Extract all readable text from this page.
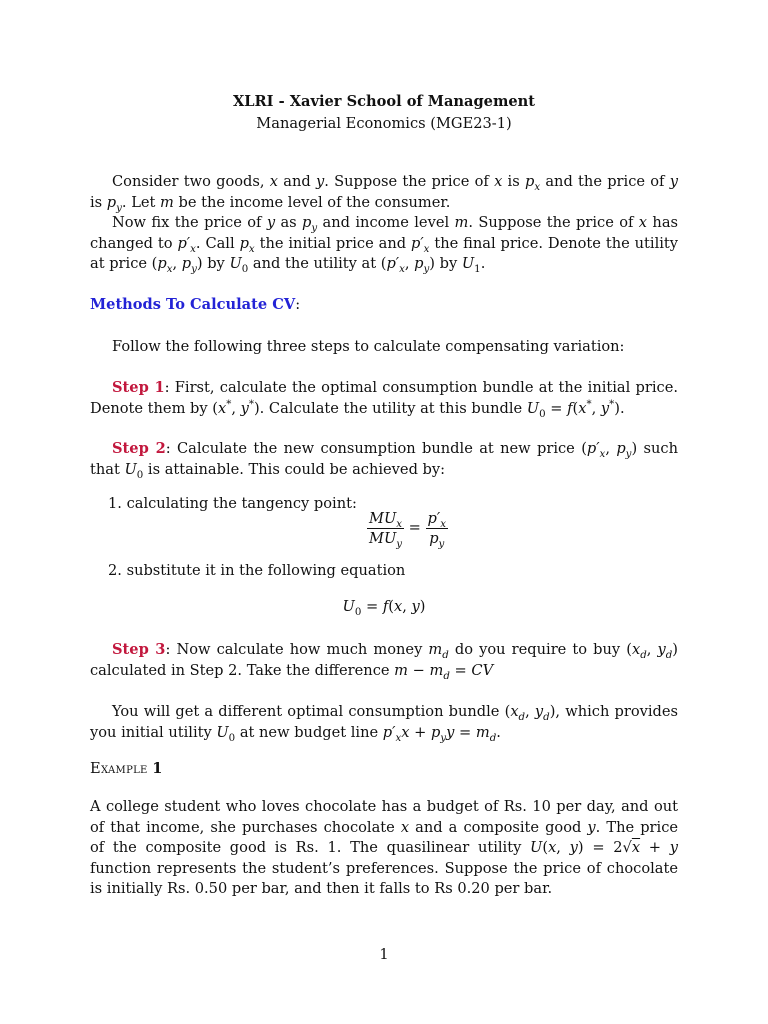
XLRI - Xavier School of Management
Managerial Economics (MGE23-1)
Consider two goods, x and y. Suppose the price of x is $p_x$ and the price of y is $p_y$. Let m be the income level of the consumer.
Now fix the price of y as $p_y$ and income level m. Suppose the price of x has changed to $p'_x$. Call $p_x$ the initial price and $p'_x$ the final price. Denote the utility at price ($p_x$, $p_y$) by $U_0$ and the utility at ($p'_x$, $p_y$) by $U_1$.
Methods To Calculate CV:
Follow the following three steps to calculate compensating variation:
Step 1: First, calculate the optimal consumption bundle at the initial price. Denote them by (x*, y*). Calculate the utility at this bundle $U_0 = f(x^*$, y*).
Step 2: Calculate the new consumption bundle at new price ($p'_x$, $p_y$) such that $U_0$ is attainable. This could be achieved by:
1. calculating the tangency point:
$\frac{MU_x}{MU_y} = \frac{p'_x}{p_y}$
2. substitute it in the following equation
$U_0 = f(x$, y)
Step 3: Now calculate how much money $m_d$ do you require to buy ($x_d$, $y_d$) calculated in Step 2. Take the difference $m - m_d$ = CV
You will get a different optimal consumption bundle ($x_d$, $y_d$), which provides you initial utility $U_0$ at new budget line $p'_xx + p_yy = m_d$.
Example 1
A college student who loves chocolate has a budget of Rs. 10 per day, and out of that income, she purchases chocolate x and a composite good y. The price of the composite good is Rs. 1. The quasilinear utility U(x, y) = 2√x + y function represents the student’s preferences. Suppose the price of chocolate is initially Rs. 0.50 per bar, and then it falls to Rs 0.20 per bar.
1
